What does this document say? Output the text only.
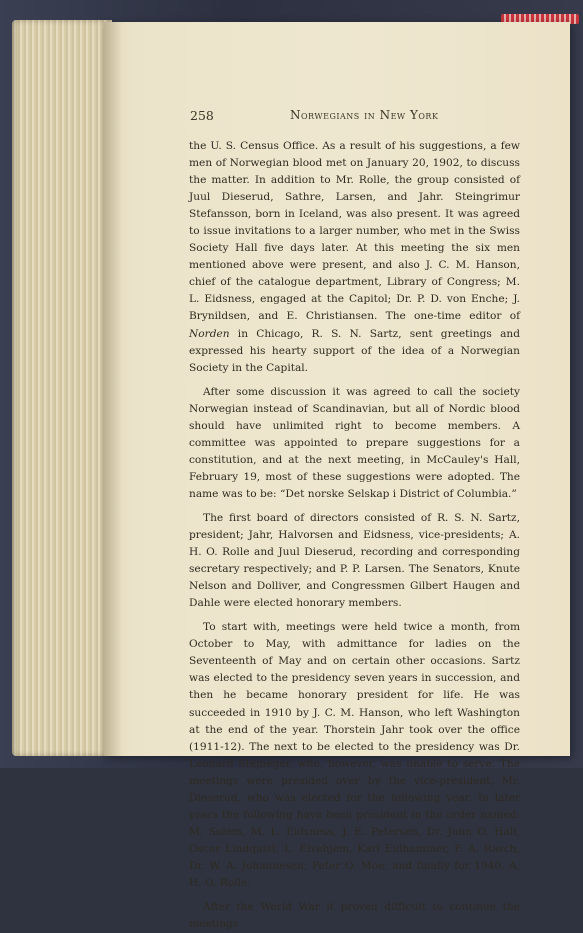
258	Norwegians in New York

the U. S. Census Office. As a result of his suggestions, a few men of Norwegian blood met on January 20, 1902, to discuss the matter. In addition to Mr. Rolle, the group consisted of Juul Dieserud, Sathre, Larsen, and Jahr. Steingrimur Stefansson, born in Iceland, was also present. It was agreed to issue invitations to a larger number, who met in the Swiss Society Hall five days later. At this meeting the six men mentioned above were present, and also J. C. M. Hanson, chief of the catalogue department, Library of Congress; M. L. Eidsness, engaged at the Capitol; Dr. P. D. von Enche; J. Brynildsen, and E. Christiansen. The one-time editor of Norden in Chicago, R. S. N. Sartz, sent greetings and expressed his hearty support of the idea of a Norwegian Society in the Capital.

After some discussion it was agreed to call the society Norwegian instead of Scandinavian, but all of Nordic blood should have unlimited right to become members. A committee was appointed to prepare suggestions for a constitution, and at the next meeting, in McCauley's Hall, February 19, most of these suggestions were adopted. The name was to be: “Det norske Selskap i District of Columbia.”

The first board of directors consisted of R. S. N. Sartz, president; Jahr, Halvorsen and Eidsness, vice-presidents; A. H. O. Rolle and Juul Dieserud, recording and corresponding secretary respectively; and P. P. Larsen. The Senators, Knute Nelson and Dolliver, and Congressmen Gilbert Haugen and Dahle were elected honorary members.

To start with, meetings were held twice a month, from October to May, with admittance for ladies on the Seventeenth of May and on certain other occasions. Sartz was elected to the presidency seven years in succession, and then he became honorary president for life. He was succeeded in 1910 by J. C. M. Hanson, who left Washington at the end of the year. Thorstein Jahr took over the office (1911-12). The next to be elected to the presidency was Dr. Leonard Stejneger, who, however, was unable to serve. The meetings were presided over by the vice-president, Mr. Dieserud, who was elected for the following year. In later years the following have been president in the order named: M. Solem, M. L. Eidsness, J. E. Petersen, Dr. John O. Hall, Oscar Lindquist, L. Elvehjem, Karl Eidhammer, F. A. Rasch, Dr. W. A. Johannesen, Peter O. Moe, and finally for 1940, A. H. O. Rolle.

After the World War it proved difficult to continue the meetings
